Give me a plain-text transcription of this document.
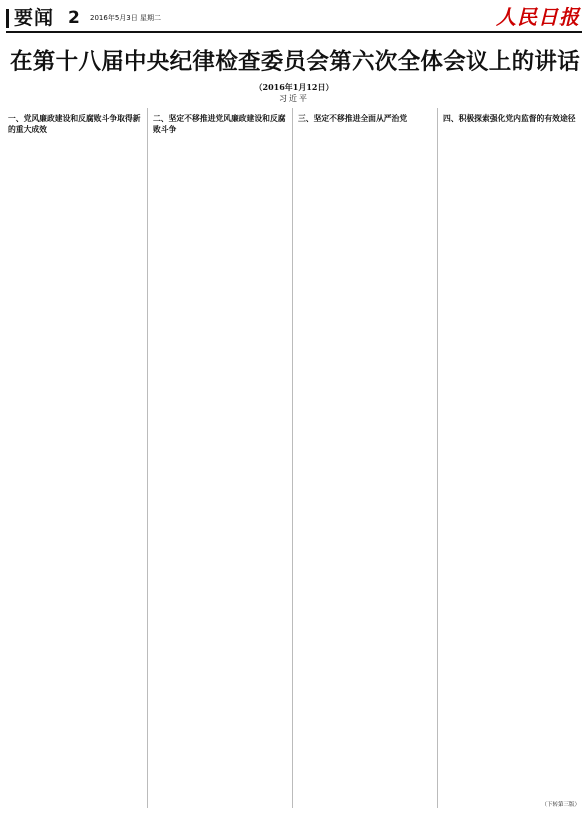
要闻 2 2016年5月3日 星期二	人民日报
在第十八届中央纪律检查委员会第六次全体会议上的讲话
（2016年1月12日）
习近平

一、党风廉政建设和反腐败斗争取得新的重大成效

二、坚定不移推进党风廉政建设和反腐败斗争

三、坚定不移推进全面从严治党	四、积极探索强化党内监督的有效途径

（下转第三版）
